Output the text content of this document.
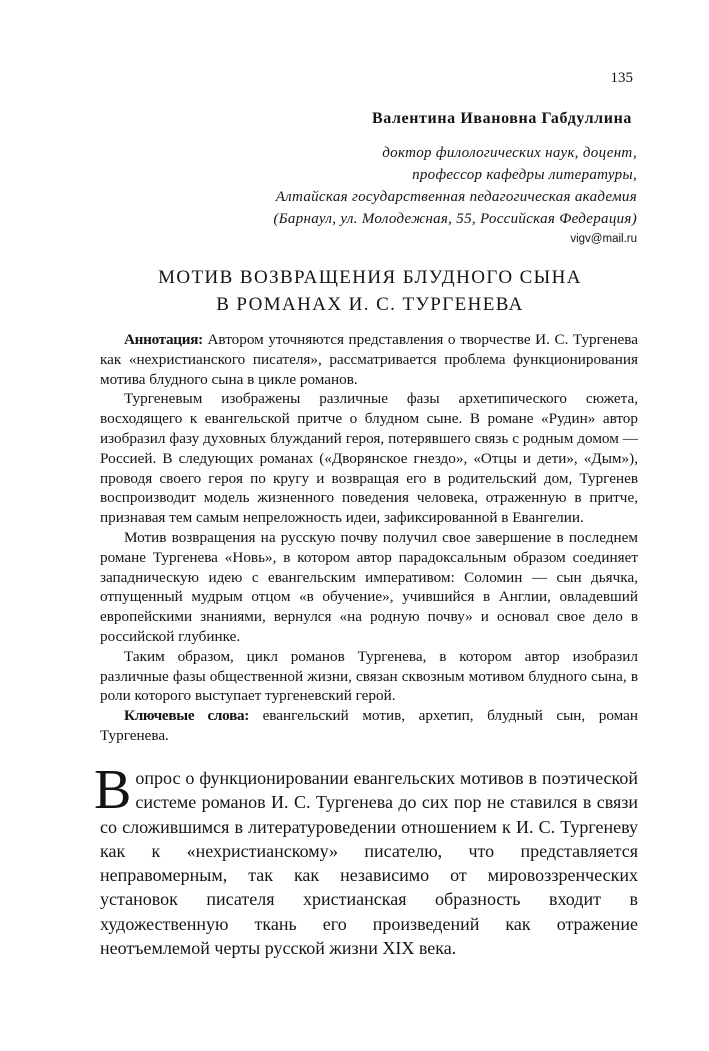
135
Валентина Ивановна Габдуллина
доктор филологических наук, доцент,
профессор кафедры литературы,
Алтайская государственная педагогическая академия
(Барнаул, ул. Молодежная, 55, Российская Федерация)
vigv@mail.ru
МОТИВ ВОЗВРАЩЕНИЯ БЛУДНОГО СЫНА
В РОМАНАХ И. С. ТУРГЕНЕВА

Аннотация: Автором уточняются представления о творчестве И. С. Тургенева как «нехристианского писателя», рассматривается проблема функционирования мотива блудного сына в цикле романов.

Тургеневым изображены различные фазы архетипического сюжета, восходящего к евангельской притче о блудном сыне. В романе «Рудин» автор изобразил фазу духовных блужданий героя, потерявшего связь с родным домом — Россией. В следующих романах («Дворянское гнездо», «Отцы и дети», «Дым»), проводя своего героя по кругу и возвращая его в родительский дом, Тургенев воспроизводит модель жизненного поведения человека, отраженную в притче, признавая тем самым непреложность идеи, зафиксированной в Евангелии.

Мотив возвращения на русскую почву получил свое завершение в последнем романе Тургенева «Новь», в котором автор парадоксальным образом соединяет западническую идею с евангельским императивом: Соломин — сын дьячка, отпущенный мудрым отцом «в обучение», учившийся в Англии, овладевший европейскими знаниями, вернулся «на родную почву» и основал свое дело в российской глубинке.

Таким образом, цикл романов Тургенева, в котором автор изобразил различные фазы общественной жизни, связан сквозным мотивом блудного сына, в роли которого выступает тургеневский герой.

Ключевые слова: евангельский мотив, архетип, блудный сын, роман Тургенева.

Вопрос о функционировании евангельских мотивов в поэтической системе романов И. С. Тургенева до сих пор не ставился в связи со сложившимся в литературоведении отношением к И. С. Тургеневу как к «нехристианскому» писателю, что представляется неправомерным, так как независимо от мировоззренческих установок писателя христианская образность входит в художественную ткань его произведений как отражение неотъемлемой черты русской жизни XIX века.
